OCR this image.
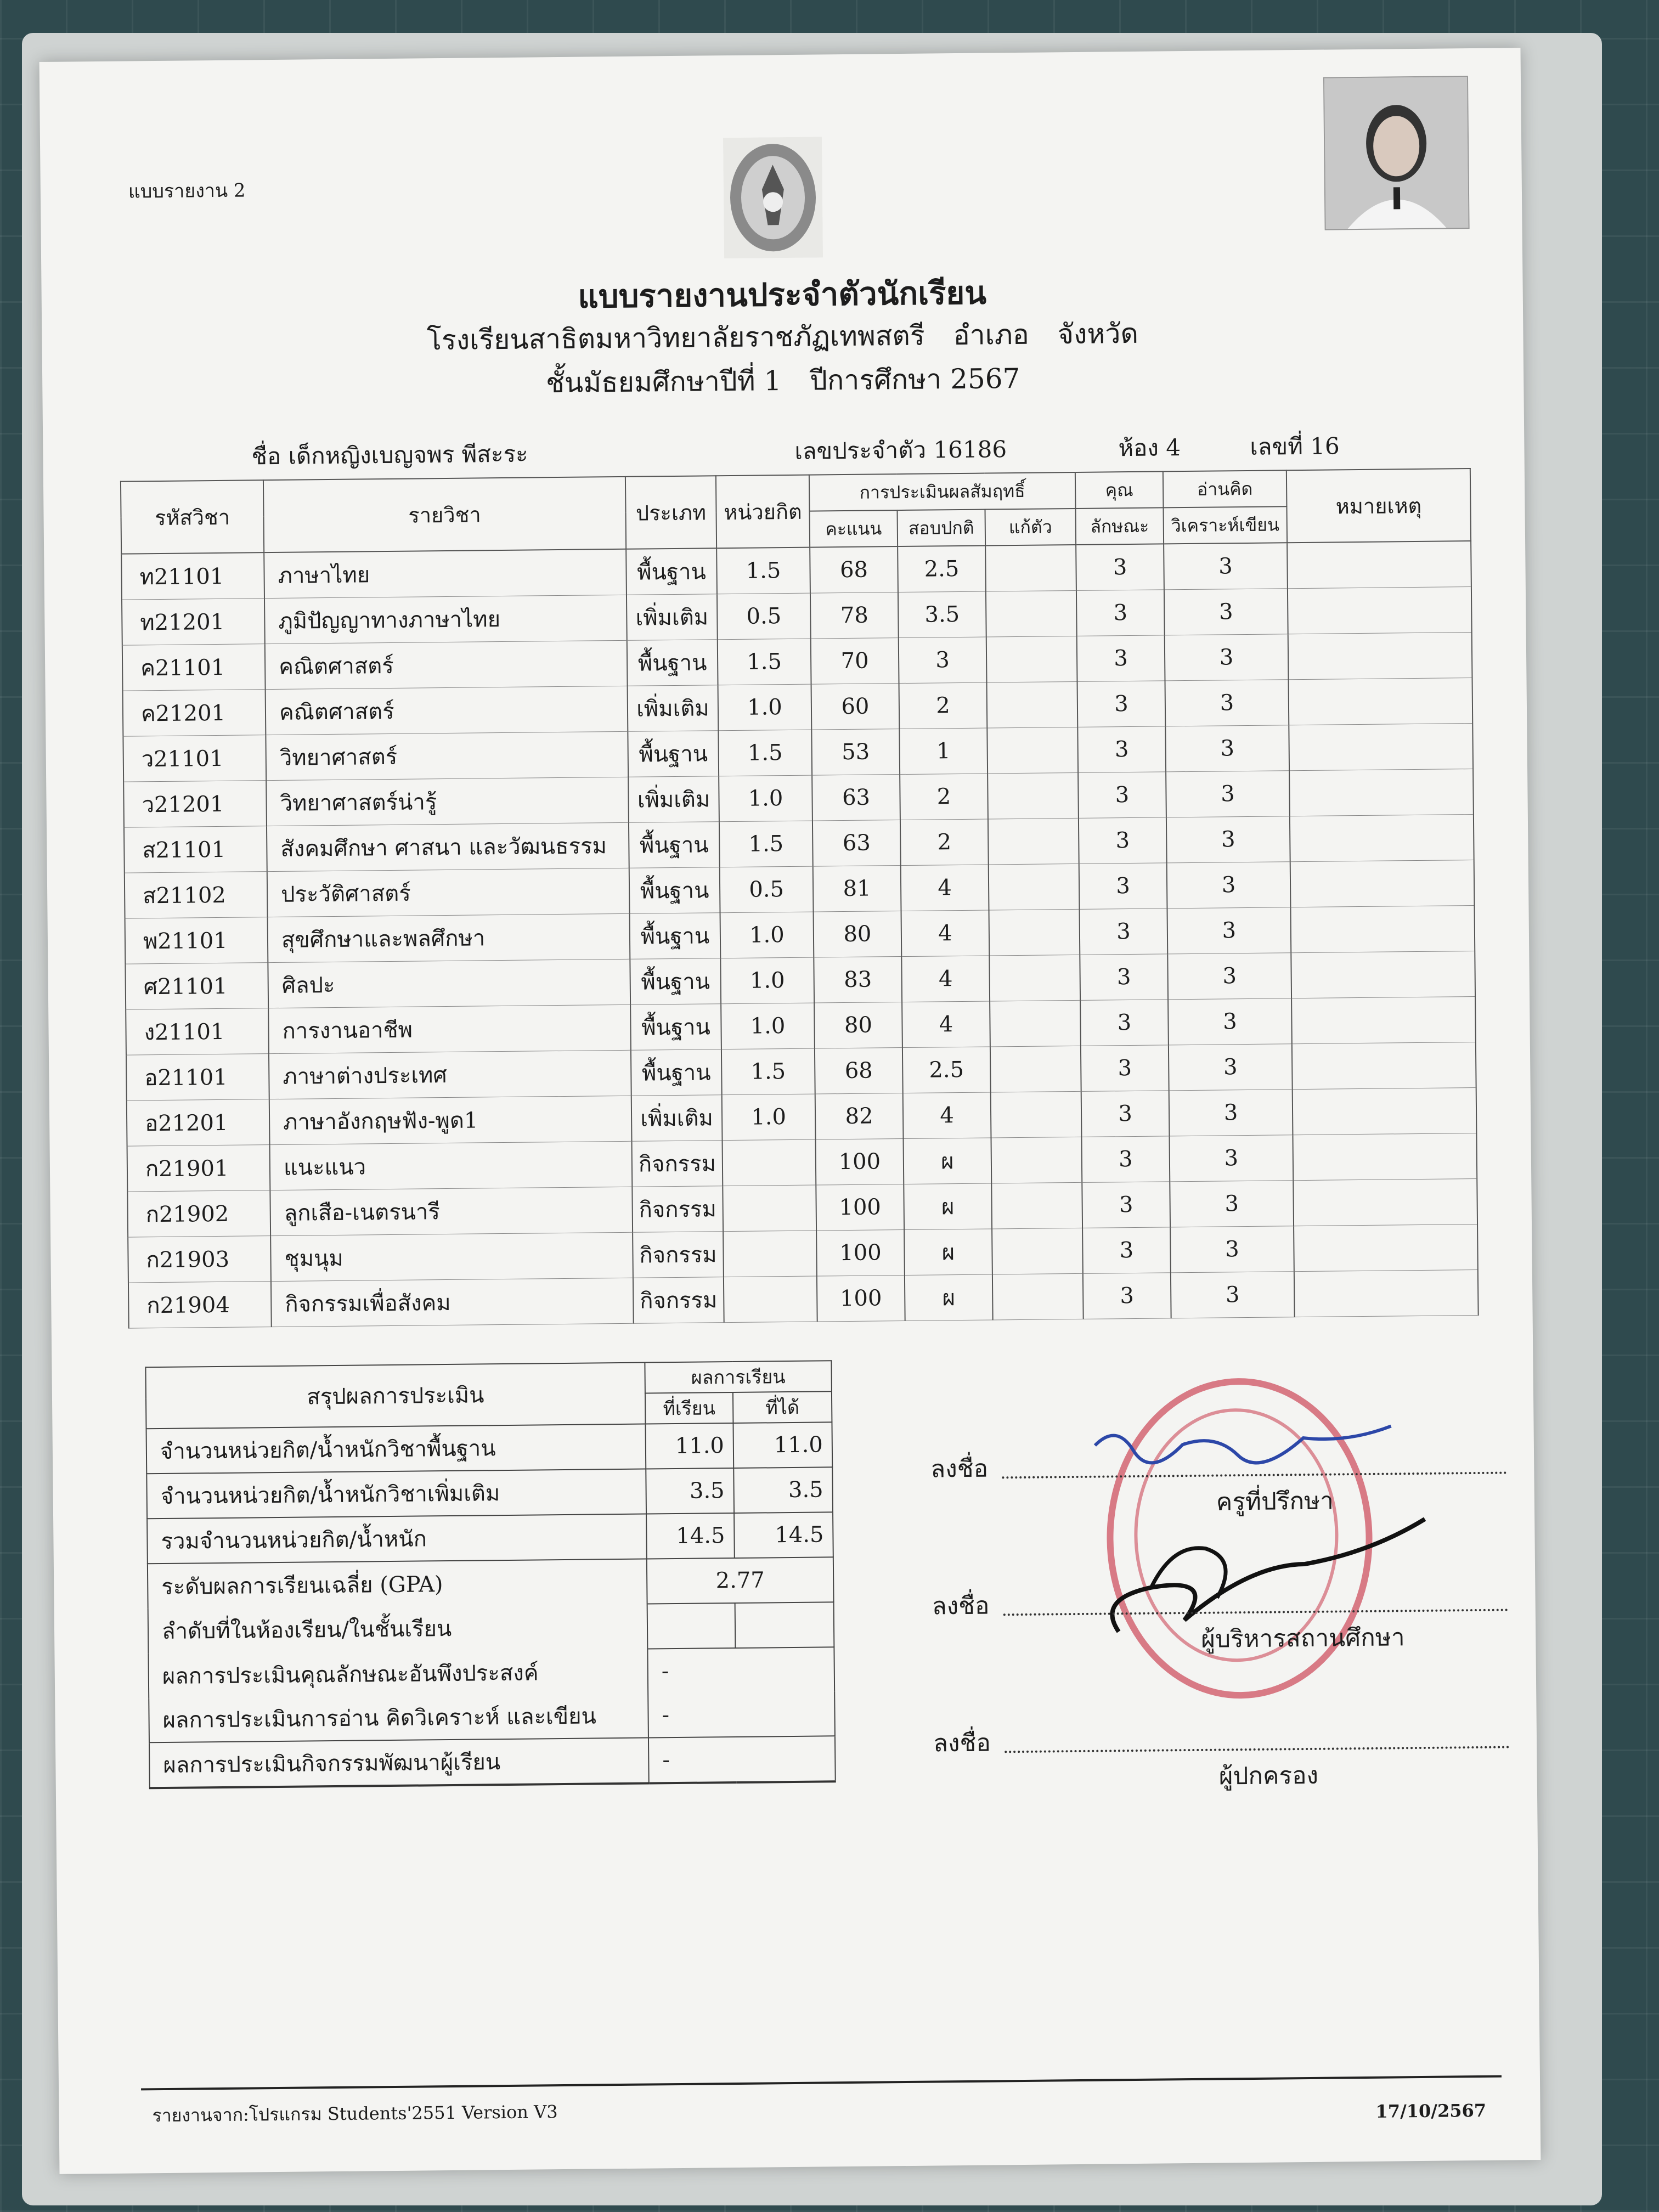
แบบรายงาน 2
แบบรายงานประจำตัวนักเรียน
โรงเรียนสาธิตมหาวิทยาลัยราชภัฏเทพสตรี อำเภอ จังหวัด
ชั้นมัธยมศึกษาปีที่ 1 ปีการศึกษา 2567
ชื่อ เด็กหญิงเบญจพร พีสะระ	เลขประจำตัว 16186	ห้อง 4	เลขที่ 16
รหัสวิชา	รายวิชา	ประเภท	หน่วยกิต	การประเมินผลสัมฤทธิ์			คุณ	อ่านคิด	หมายเหตุ
				คะแนน	สอบปกติ	แก้ตัว	ลักษณะ	วิเคราะห์เขียน	
ท21101	ภาษาไทย	พื้นฐาน	1.5	68	2.5		3	3	
ท21201	ภูมิปัญญาทางภาษาไทย	เพิ่มเติม	0.5	78	3.5		3	3	
ค21101	คณิตศาสตร์	พื้นฐาน	1.5	70	3		3	3	
ค21201	คณิตศาสตร์	เพิ่มเติม	1.0	60	2		3	3	
ว21101	วิทยาศาสตร์	พื้นฐาน	1.5	53	1		3	3	
ว21201	วิทยาศาสตร์น่ารู้	เพิ่มเติม	1.0	63	2		3	3	
ส21101	สังคมศึกษา ศาสนา และวัฒนธรรม	พื้นฐาน	1.5	63	2		3	3	
ส21102	ประวัติศาสตร์	พื้นฐาน	0.5	81	4		3	3	
พ21101	สุขศึกษาและพลศึกษา	พื้นฐาน	1.0	80	4		3	3	
ศ21101	ศิลปะ	พื้นฐาน	1.0	83	4		3	3	
ง21101	การงานอาชีพ	พื้นฐาน	1.0	80	4		3	3	
อ21101	ภาษาต่างประเทศ	พื้นฐาน	1.5	68	2.5		3	3	
อ21201	ภาษาอังกฤษฟัง-พูด1	เพิ่มเติม	1.0	82	4		3	3	
ก21901	แนะแนว	กิจกรรม		100	ผ		3	3	
ก21902	ลูกเสือ-เนตรนารี	กิจกรรม		100	ผ		3	3	
ก21903	ชุมนุม	กิจกรรม		100	ผ		3	3	
ก21904	กิจกรรมเพื่อสังคม	กิจกรรม		100	ผ		3	3	
สรุปผลการประเมิน	ผลการเรียน	
	ที่เรียน	ที่ได้
จำนวนหน่วยกิต/น้ำหนักวิชาพื้นฐาน	11.0	11.0
จำนวนหน่วยกิต/น้ำหนักวิชาเพิ่มเติม	3.5	3.5
รวมจำนวนหน่วยกิต/น้ำหนัก	14.5	14.5
ระดับผลการเรียนเฉลี่ย (GPA)	2.77	
ลำดับที่ในห้องเรียน/ในชั้นเรียน		
ผลการประเมินคุณลักษณะอันพึงประสงค์	-	
ผลการประเมินการอ่าน คิดวิเคราะห์ และเขียน	-	
ผลการประเมินกิจกรรมพัฒนาผู้เรียน	-	
ลงชื่อ
ครูที่ปรึกษา
ลงชื่อ
ผู้บริหารสถานศึกษา
ลงชื่อ
ผู้ปกครอง
รายงานจาก:โปรแกรม Students'2551 Version V3	17/10/2567
